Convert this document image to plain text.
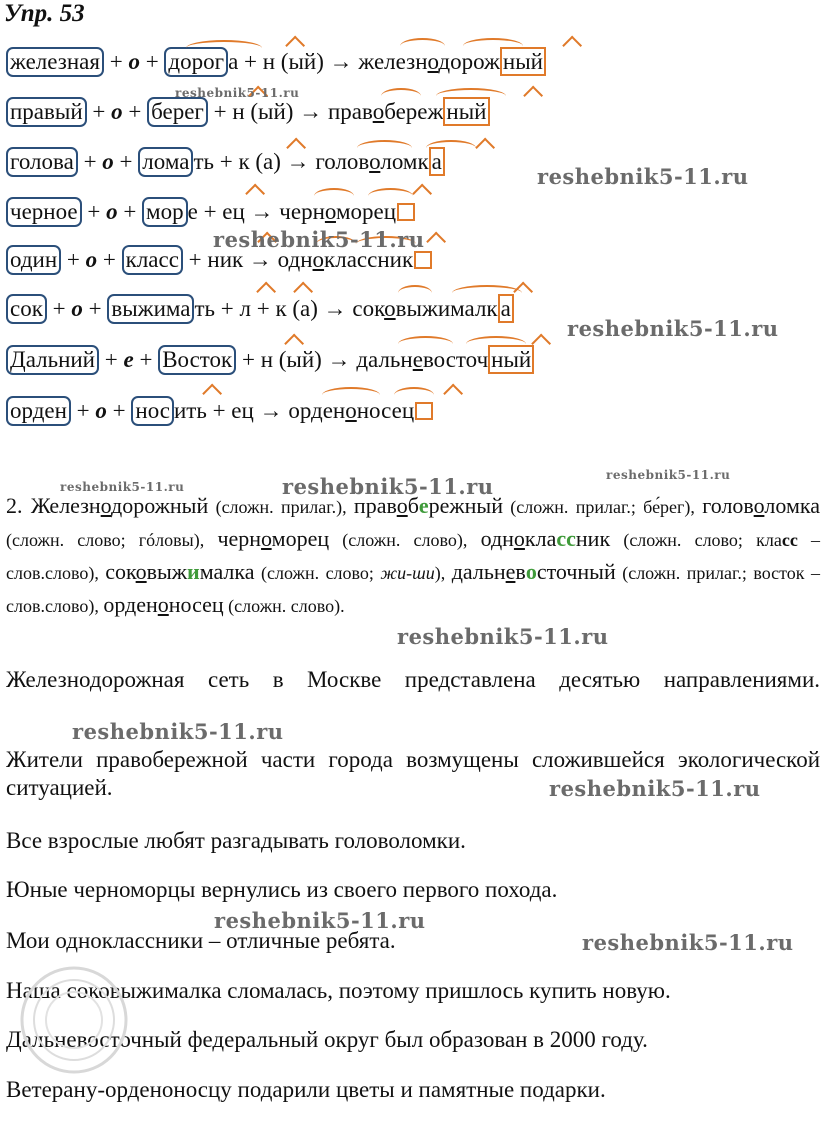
Упр. 53
железная + о + дорог а + н (ый) → железнодорож ный
правый + о + берег + н (ый) → правобереж ный
голова + о + лома ть + к (а) → головоломк а
черное + о + мор е + ец → черноморец
один + о + класс + ник → одноклассник
сок + о + выжима ть + л + к (а) → соковыжималк а
Дальний + е + Восток + н (ый) → дальневосточ ный
орден + о + нос ить + ец → орденоносец
2. Железнодорожный (сложн. прилаг.), правобережный (сложн. прилаг.; бе́рег), головоломка (сложн. слово; гóловы), черноморец (сложн. слово), одноклассник (сложн. слово; класс – слов.слово), соковыжималка (сложн. слово; жи-ши), дальневосточный (сложн. прилаг.; восток – слов.слово), орденоносец (сложн. слово).
Железнодорожная сеть в Москве представлена десятью направлениями.
Жители правобережной части города возмущены сложившейся экологической ситуацией.
Все взрослые любят разгадывать головоломки.
Юные черноморцы вернулись из своего первого похода.
Мои одноклассники – отличные ребята.
Наша соковыжималка сломалась, поэтому пришлось купить новую.
Дальневосточный федеральный округ был образован в 2000 году.
Ветерану-орденоносцу подарили цветы и памятные подарки.
reshebnik5-11.ru
reshebnik5-11.ru
reshebnik5-11.ru
reshebnik5-11.ru
reshebnik5-11.ru	reshebnik5-11.ru	reshebnik5-11.ru
reshebnik5-11.ru
reshebnik5-11.ru
reshebnik5-11.ru
reshebnik5-11.ru
reshebnik5-11.ru
